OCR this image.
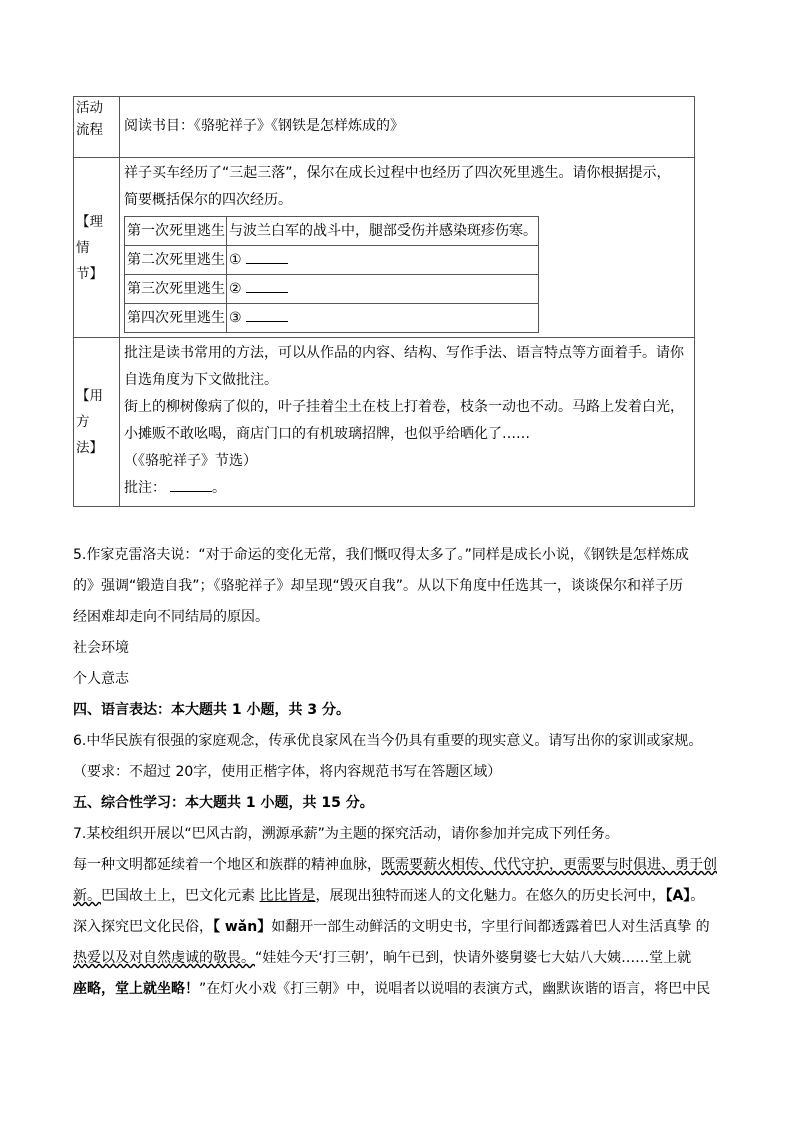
活动
流程	阅读书目：《骆驼祥子》《钢铁是怎样炼成的》

【理
情
节】

祥子买车经历了“三起三落”，保尔在成长过程中也经历了四次死里逃生。请你根据提示，
简要概括保尔的四次经历。
第一次死里逃生	与波兰白军的战斗中，腿部受伤并感染斑疹伤寒。
第二次死里逃生	①
第三次死里逃生	②
第四次死里逃生	③

【用
方
法】

批注是读书常用的方法，可以从作品的内容、结构、写作手法、语言特点等方面着手。请你
自选角度为下文做批注。
街上的柳树像病了似的，叶子挂着尘土在枝上打着卷，枝条一动也不动。马路上发着白光，
小摊贩不敢吆喝，商店门口的有机玻璃招牌，也似乎给晒化了……
（《骆驼祥子》节选）
批注：	。
5.作家克雷洛夫说：“对于命运的变化无常，我们慨叹得太多了。”同样是成长小说，《钢铁是怎样炼成
的》强调“锻造自我”；《骆驼祥子》却呈现“毁灭自我”。从以下角度中任选其一，谈谈保尔和祥子历
经困难却走向不同结局的原因。
社会环境
个人意志
四、语言表达：本大题共 1 小题，共 3 分。
6.中华民族有很强的家庭观念，传承优良家风在当今仍具有重要的现实意义。请写出你的家训或家规。
（要求：不超过 20字，使用正楷字体，将内容规范书写在答题区域）
五、综合性学习：本大题共 1 小题，共 15 分。
7.某校组织开展以“巴风古韵，溯源承薪”为主题的探究活动，请你参加并完成下列任务。
每一种文明都延续着一个地区和族群的精神血脉，既需要薪火相传、代代守护，更需要与时俱进、勇于创
新。巴国故土上，巴文化元素 比比皆是，展现出独特而迷人的文化魅力。在悠久的历史长河中，【A】。
深入探究巴文化民俗，【 wǎn】如翻开一部生动鲜活的文明史书，字里行间都透露着巴人对生活真挚 的
热爱以及对自然虔诚的敬畏。“娃娃今天‘打三朝’，晌午已到，快请外婆舅婆七大姑八大姨……堂上就
座略，堂上就坐略！”在灯火小戏《打三朝》中，说唱者以说唱的表演方式，幽默诙谐的语言，将巴中民
